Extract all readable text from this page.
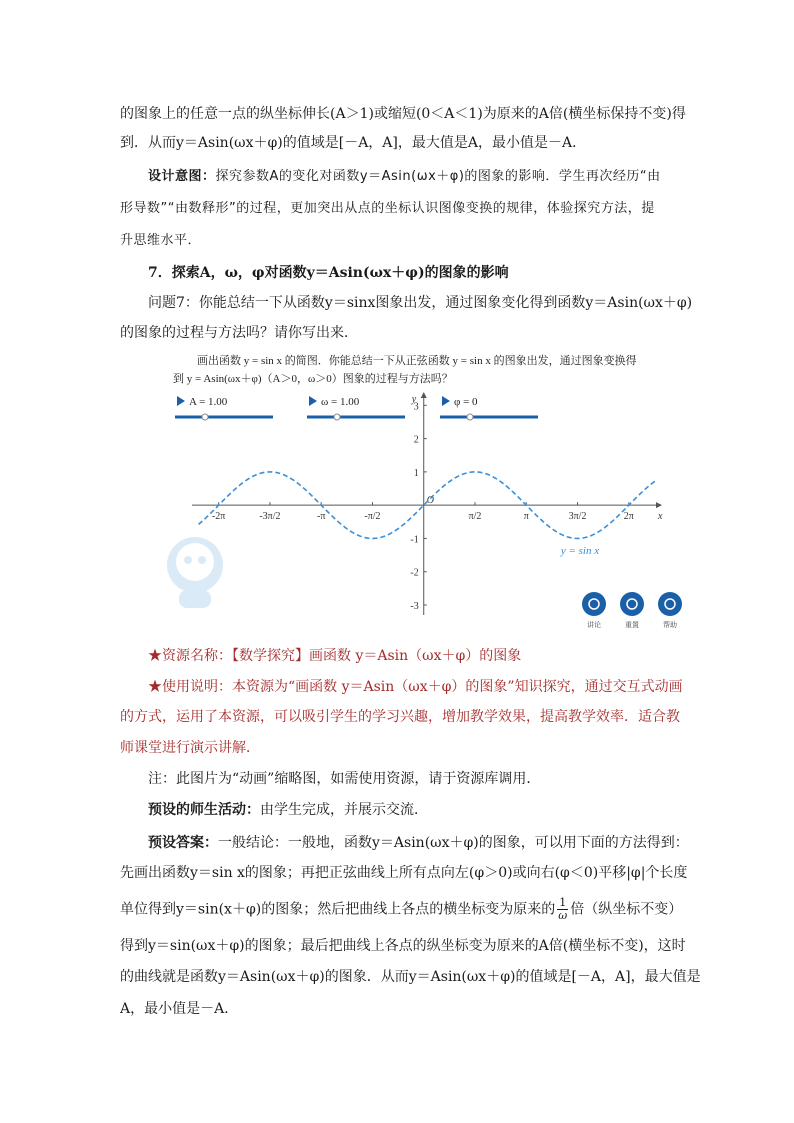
的图象上的任意一点的纵坐标伸长(A＞1)或缩短(0＜A＜1)为原来的A倍(横坐标保持不变)得
到．从而y＝Asin(ωx＋φ)的值域是[－A，A]，最大值是A，最小值是－A．
设计意图：探究参数A的变化对函数y＝Asin(ωx＋φ)的图象的影响．学生再次经历“由
形导数”“由数释形”的过程，更加突出从点的坐标认识图像变换的规律，体验探究方法，提
升思维水平．
7．探索A，ω，φ对函数y＝Asin(ωx＋φ)的图象的影响
问题7：你能总结一下从函数y＝sinx图象出发，通过图象变化得到函数y＝Asin(ωx＋φ)
的图象的过程与方法吗？请你写出来．
画出函数 y = sin x 的简图．你能总结一下从正弦函数 y = sin x 的图象出发，通过图象变换得
到 y = Asin(ωx＋φ)（A＞0，ω＞0）图象的过程与方法吗？
A = 1.00	ω = 1.00	φ = 0
x
y
-2π	-3π/2	-π	-π/2
O
π/2	π	3π/2	2π
3
2
1
-1
-2
-3
y = sin x
讲论	重置	帮助
★资源名称：【数学探究】画函数 y＝Asin（ωx＋φ）的图象
★使用说明：本资源为“画函数 y＝Asin（ωx＋φ）的图象”知识探究，通过交互式动画
的方式，运用了本资源，可以吸引学生的学习兴趣，增加教学效果，提高教学效率．适合教
师课堂进行演示讲解．
注：此图片为“动画”缩略图，如需使用资源，请于资源库调用．
预设的师生活动：由学生完成，并展示交流．
预设答案：一般结论：一般地，函数y＝Asin(ωx＋φ)的图象，可以用下面的方法得到：
先画出函数y＝sin x的图象；再把正弦曲线上所有点向左(φ＞0)或向右(φ＜0)平移|φ|个长度
单位得到y＝sin(x＋φ)的图象；然后把曲线上各点的横坐标变为原来的 $\frac{1}{\omega}$ 倍（纵坐标不变）
得到y＝sin(ωx＋φ)的图象；最后把曲线上各点的纵坐标变为原来的A倍(横坐标不变)，这时
的曲线就是函数y＝Asin(ωx＋φ)的图象．从而y＝Asin(ωx＋φ)的值域是[－A，A]，最大值是
A，最小值是－A．
